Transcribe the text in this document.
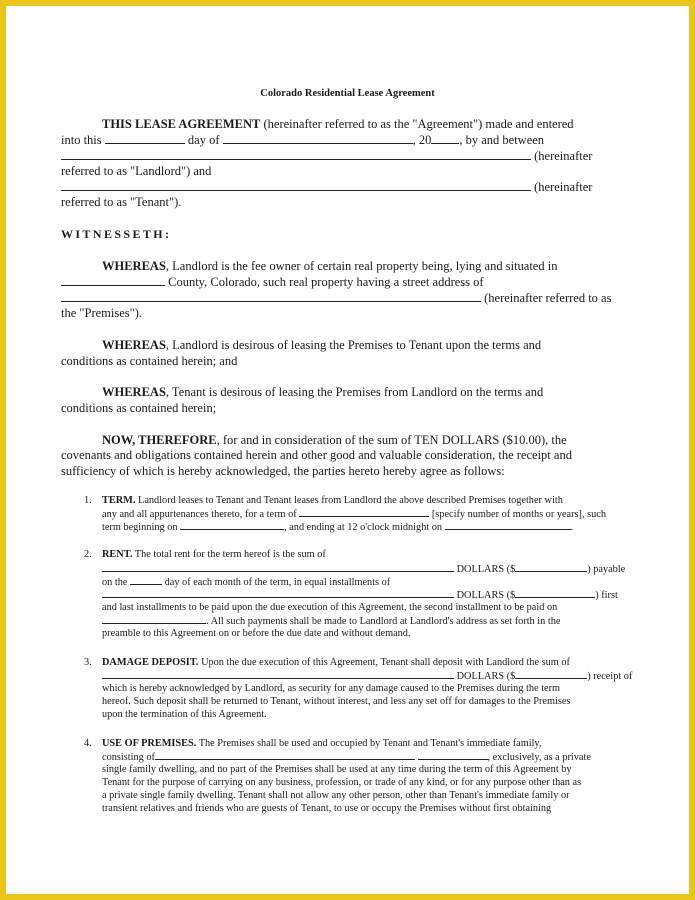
Colorado Residential Lease Agreement
THIS LEASE AGREEMENT (hereinafter referred to as the "Agreement") made and entered
into this	day of	, 20 , by and between
(hereinafter
referred to as "Landlord") and
(hereinafter
referred to as "Tenant").
WITNESSETH:
WHEREAS, Landlord is the fee owner of certain real property being, lying and situated in
County, Colorado, such real property having a street address of
(hereinafter referred to as
the "Premises").
WHEREAS, Landlord is desirous of leasing the Premises to Tenant upon the terms and
conditions as contained herein; and
WHEREAS, Tenant is desirous of leasing the Premises from Landlord on the terms and
conditions as contained herein;
NOW, THEREFORE, for and in consideration of the sum of TEN DOLLARS ($10.00), the
covenants and obligations contained herein and other good and valuable consideration, the receipt and
sufficiency of which is hereby acknowledged, the parties hereto hereby agree as follows:
1. TERM. Landlord leases to Tenant and Tenant leases from Landlord the above described Premises together with
any and all appurtenances thereto, for a term of	[specify number of months or years], such
term beginning on	, and ending at 12 o'clock midnight on	.
2. RENT. The total rent for the term hereof is the sum of
DOLLARS ($	) payable
on the	day of each month of the term, in equal installments of
DOLLARS ($	) first
and last installments to be paid upon the due execution of this Agreement, the second installment to be paid on
. All such payments shall be made to Landlord at Landlord's address as set forth in the
preamble to this Agreement on or before the due date and without demand.
3. DAMAGE DEPOSIT. Upon the due execution of this Agreement, Tenant shall deposit with Landlord the sum of
DOLLARS ($	) receipt of
which is hereby acknowledged by Landlord, as security for any damage caused to the Premises during the term
hereof. Such deposit shall be returned to Tenant, without interest, and less any set off for damages to the Premises
upon the termination of this Agreement.
4. USE OF PREMISES. The Premises shall be used and occupied by Tenant and Tenant's immediate family,
consisting of	, exclusively, as a private
single family dwelling, and no part of the Premises shall be used at any time during the term of this Agreement by
Tenant for the purpose of carrying on any business, profession, or trade of any kind, or for any purpose other than as
a private single family dwelling. Tenant shall not allow any other person, other than Tenant's immediate family or
transient relatives and friends who are guests of Tenant, to use or occupy the Premises without first obtaining
